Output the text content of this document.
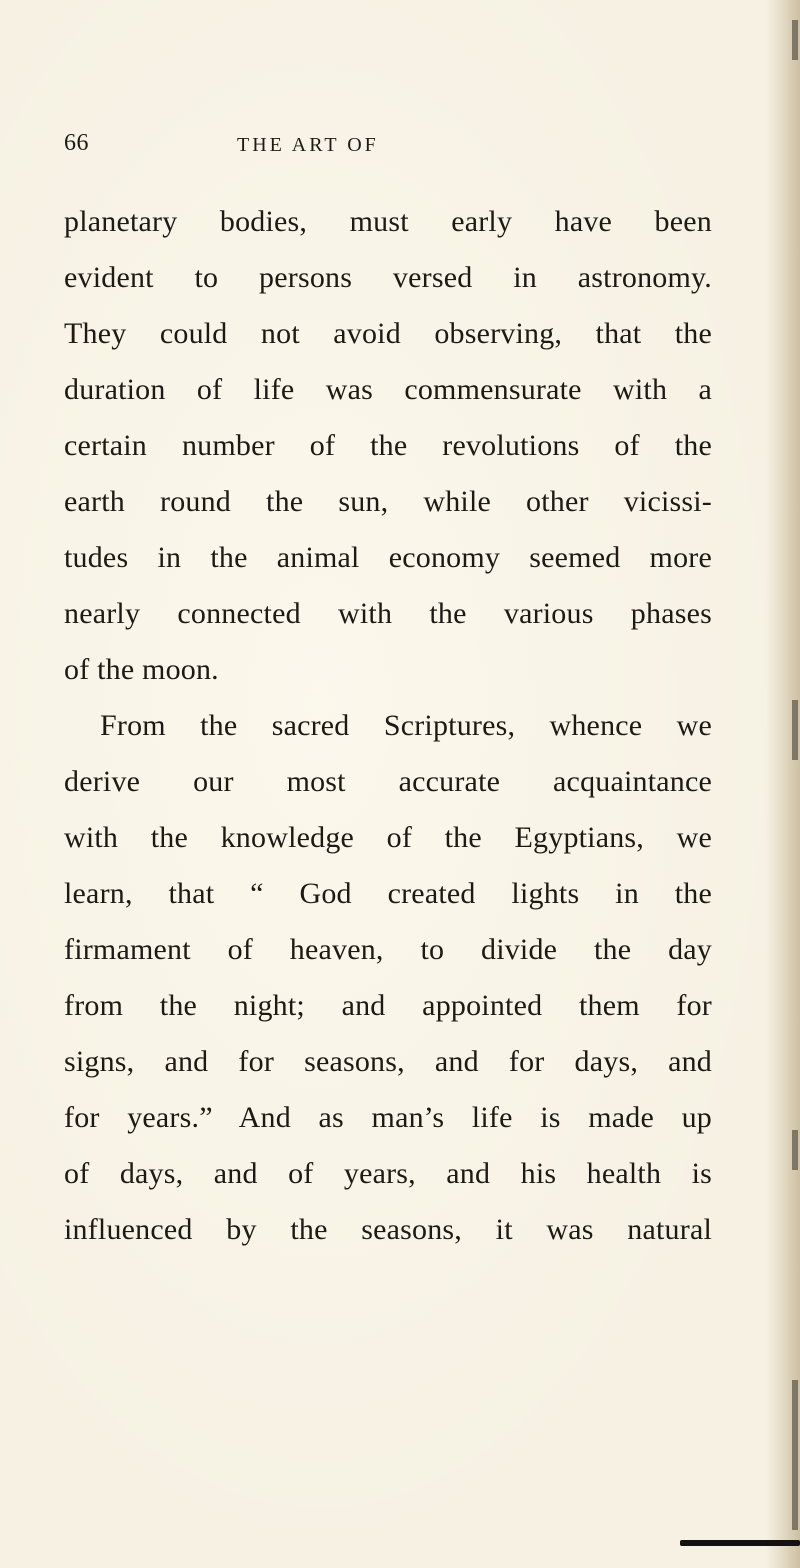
66	THE ART OF
planetary bodies, must early have been
evident to persons versed in astronomy.
They could not avoid observing, that the
duration of life was commensurate with a
certain number of the revolutions of the
earth round the sun, while other vicissi-
tudes in the animal economy seemed more
nearly connected with the various phases
of the moon.
From the sacred Scriptures, whence we
derive our most accurate acquaintance
with the knowledge of the Egyptians, we
learn, that “ God created lights in the
firmament of heaven, to divide the day
from the night; and appointed them for
signs, and for seasons, and for days, and
for years.” And as man’s life is made up
of days, and of years, and his health is
influenced by the seasons, it was natural
